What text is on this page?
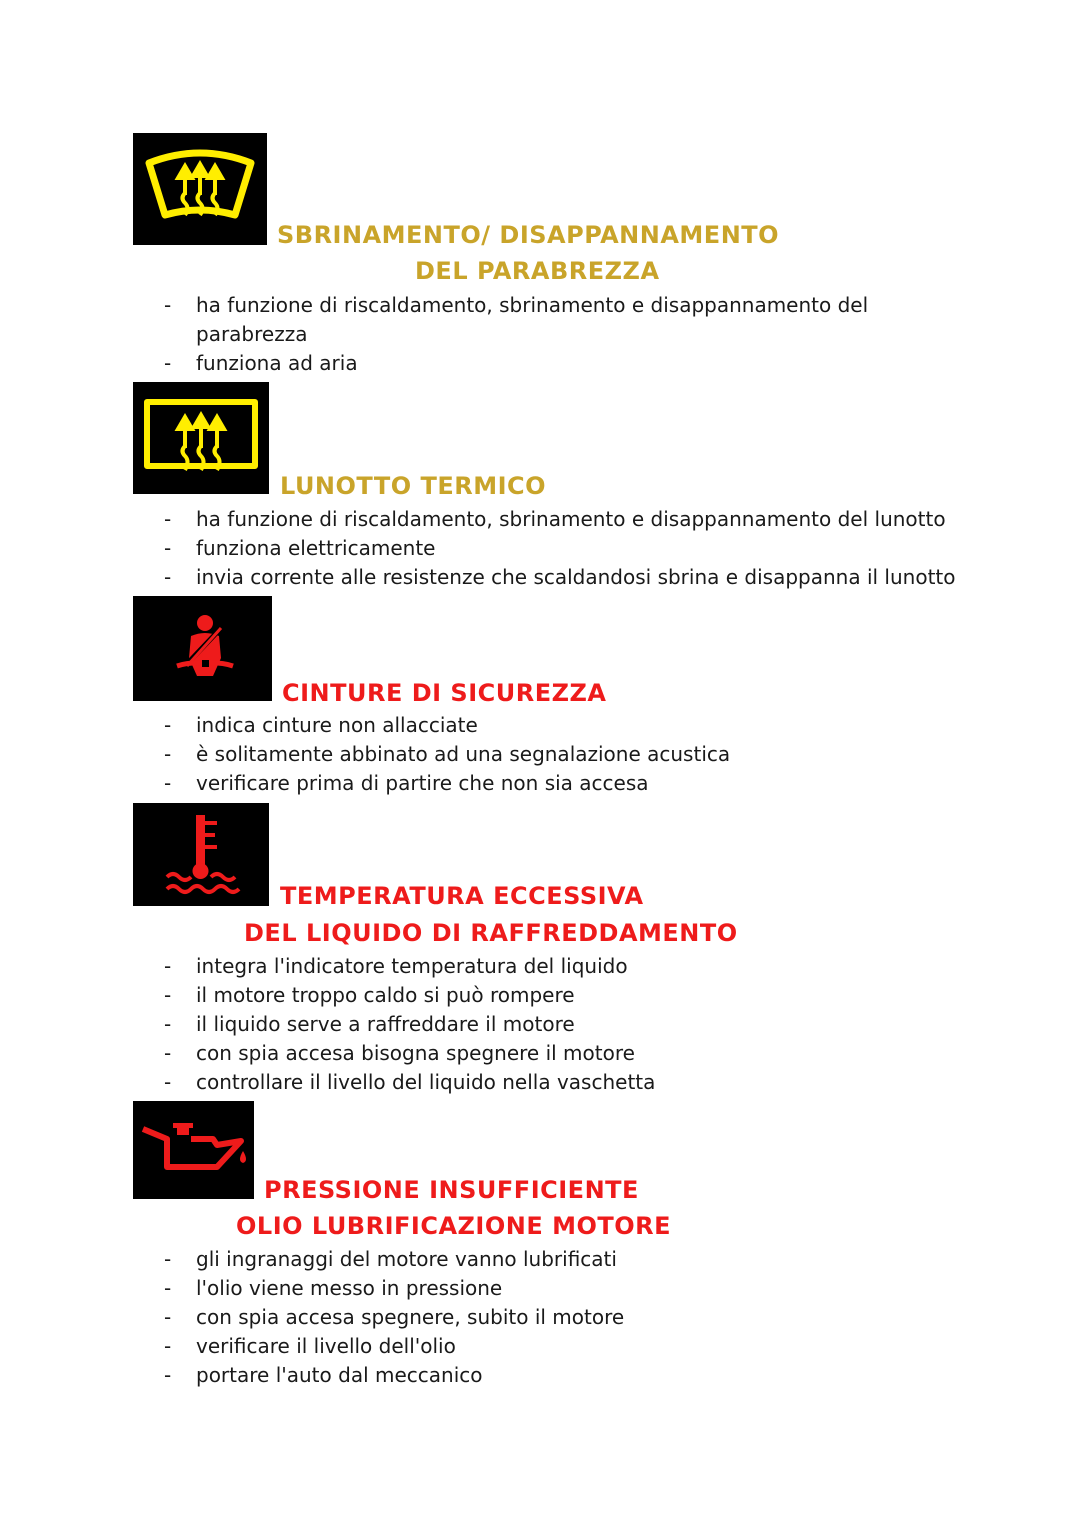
SBRINAMENTO/ DISAPPANNAMENTO
DEL PARABREZZA
- ha funzione di riscaldamento, sbrinamento e disappannamento del parabrezza
- funziona ad aria
LUNOTTO TERMICO
- ha funzione di riscaldamento, sbrinamento e disappannamento del lunotto
- funziona elettricamente
- invia corrente alle resistenze che scaldandosi sbrina e disappanna il lunotto
CINTURE DI SICUREZZA
- indica cinture non allacciate
- è solitamente abbinato ad una segnalazione acustica
- verificare prima di partire che non sia accesa
TEMPERATURA ECCESSIVA
DEL LIQUIDO DI RAFFREDDAMENTO
- integra l'indicatore temperatura del liquido
- il motore troppo caldo si può rompere
- il liquido serve a raffreddare il motore
- con spia accesa bisogna spegnere il motore
- controllare il livello del liquido nella vaschetta
PRESSIONE INSUFFICIENTE
OLIO LUBRIFICAZIONE MOTORE
- gli ingranaggi del motore vanno lubrificati
- l'olio viene messo in pressione
- con spia accesa spegnere, subito il motore
- verificare il livello dell'olio
- portare l'auto dal meccanico
